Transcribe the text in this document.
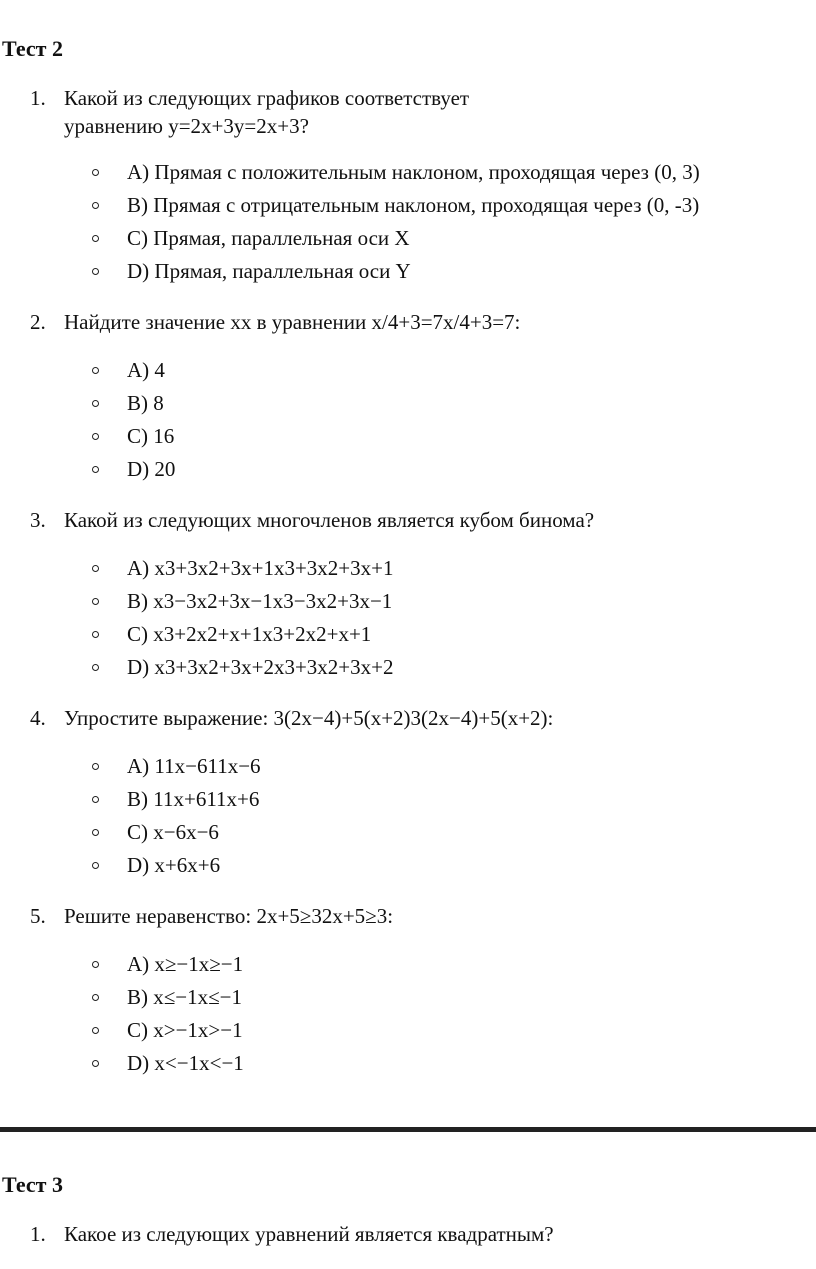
Тест 2
1. Какой из следующих графиков соответствует уравнению y=2x+3y=2x+3?
A) Прямая с положительным наклоном, проходящая через (0, 3)
B) Прямая с отрицательным наклоном, проходящая через (0, -3)
C) Прямая, параллельная оси X
D) Прямая, параллельная оси Y
2. Найдите значение xx в уравнении x/4+3=7x/4+3=7:
A) 4
B) 8
C) 16
D) 20
3. Какой из следующих многочленов является кубом бинома?
A) x3+3x2+3x+1x3+3x2+3x+1
B) x3−3x2+3x−1x3−3x2+3x−1
C) x3+2x2+x+1x3+2x2+x+1
D) x3+3x2+3x+2x3+3x2+3x+2
4. Упростите выражение: 3(2x−4)+5(x+2)3(2x−4)+5(x+2):
A) 11x−611x−6
B) 11x+611x+6
C) x−6x−6
D) x+6x+6
5. Решите неравенство: 2x+5≥32x+5≥3:
A) x≥−1x≥−1
B) x≤−1x≤−1
C) x>−1x>−1
D) x<−1x<−1
Тест 3
1. Какое из следующих уравнений является квадратным?
